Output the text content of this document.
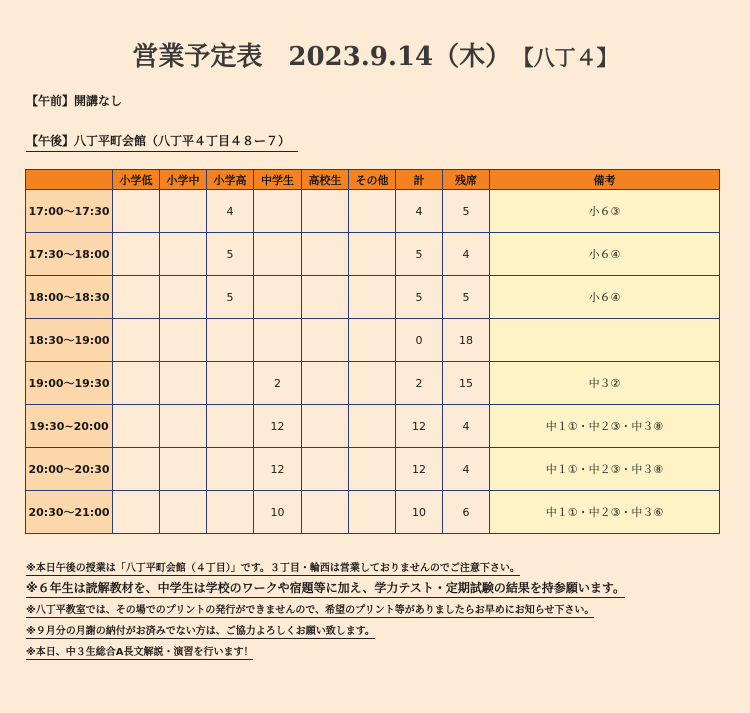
営業予定表 2023.9.14（木） 【八丁４】
【午前】開講なし
【午後】八丁平町会館（八丁平４丁目４８ー７）
	小学低	小学中	小学高	中学生	高校生	その他	計	残席	備考
17:00〜17:30			4				4	5	小６③
17:30〜18:00			5				5	4	小６④
18:00〜18:30			5				5	5	小６④
18:30〜19:00							0	18	
19:00〜19:30				2			2	15	中３②
19:30~20:00				12			12	4	中１①・中２③・中３⑧
20:00〜20:30				12			12	4	中１①・中２③・中３⑧
20:30〜21:00				10			10	6	中１①・中２③・中３⑥
※本日午後の授業は「八丁平町会館（４丁目）」です。３丁目・輪西は営業しておりませんのでご注意下さい。
※６年生は読解教材を、中学生は学校のワークや宿題等に加え、学力テスト・定期試験の結果を持参願います。
※八丁平教室では、その場でのプリントの発行ができませんので、希望のプリント等がありましたらお早めにお知らせ下さい。
※９月分の月謝の納付がお済みでない方は、ご協力よろしくお願い致します。
※本日、中３生総合A長文解説・演習を行います！
